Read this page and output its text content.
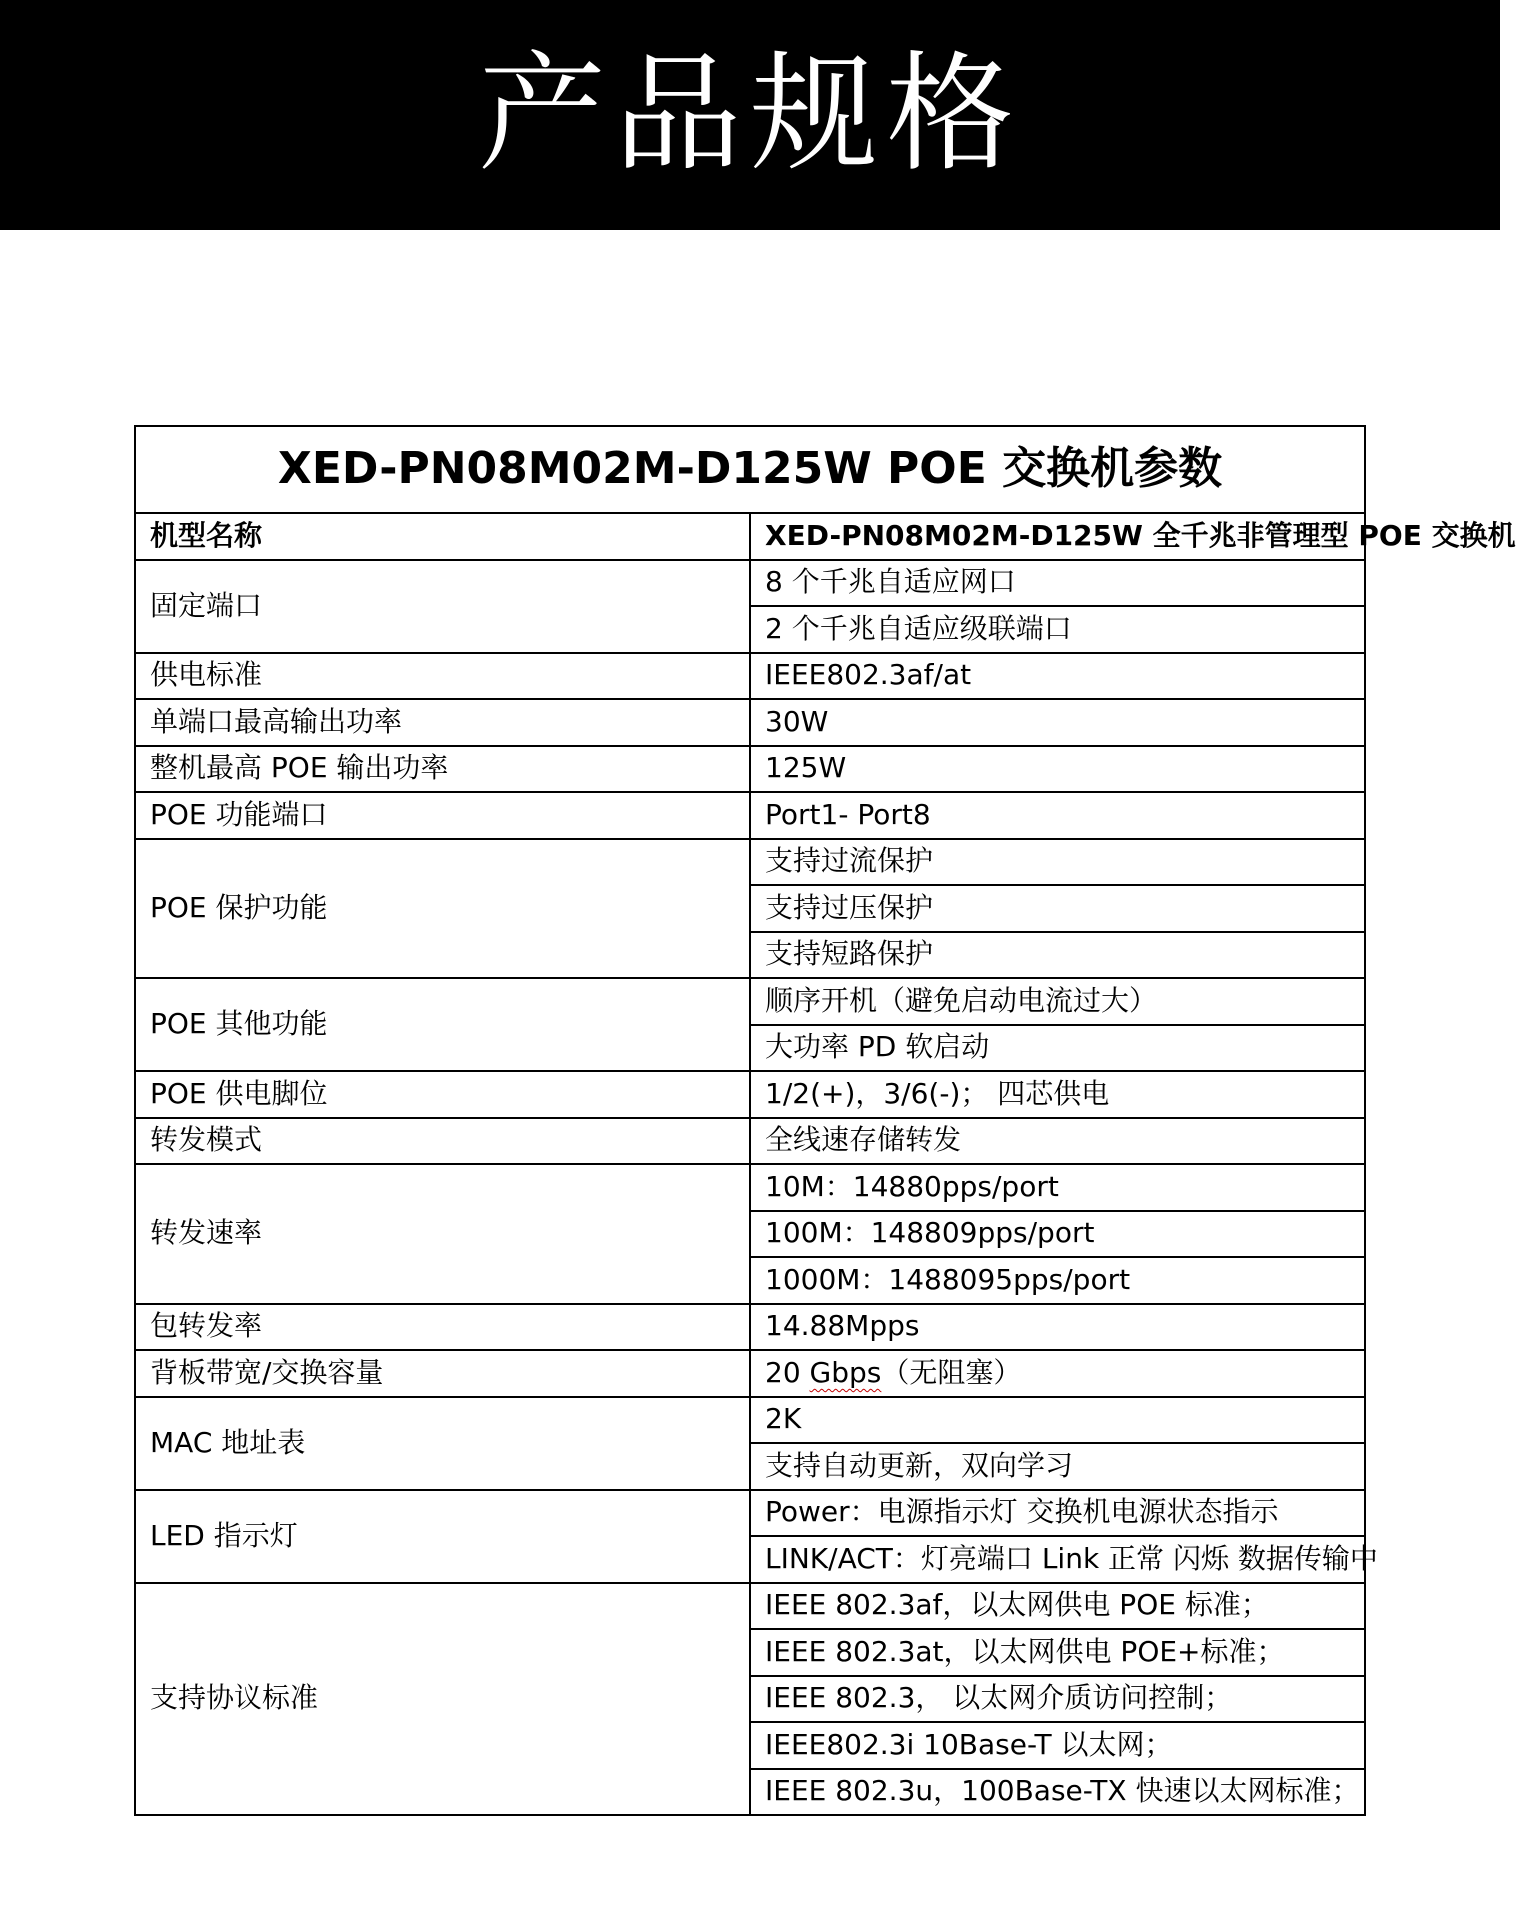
产品规格
XED-PN08M02M-D125W POE 交换机参数	
机型名称	XED-PN08M02M-D125W 全千兆非管理型 POE 交换机
固定端口	8 个千兆自适应网口
	2 个千兆自适应级联端口
供电标准	IEEE802.3af/at
单端口最高输出功率	30W
整机最高 POE 输出功率	125W
POE 功能端口	Port1- Port8
POE 保护功能	支持过流保护
	支持过压保护
	支持短路保护
POE 其他功能	顺序开机（避免启动电流过大）
	大功率 PD 软启动
POE 供电脚位	1/2(+)，3/6(-)； 四芯供电
转发模式	全线速存储转发
转发速率	10M：14880pps/port
	100M：148809pps/port
	1000M：1488095pps/port
包转发率	14.88Mpps
背板带宽/交换容量	20 Gbps（无阻塞）
MAC 地址表	2K
	支持自动更新，双向学习
LED 指示灯	Power：电源指示灯 交换机电源状态指示
	LINK/ACT：灯亮端口 Link 正常 闪烁 数据传输中
支持协议标准	IEEE 802.3af，以太网供电 POE 标准；
	IEEE 802.3at，以太网供电 POE+标准；
	IEEE 802.3， 以太网介质访问控制；
	IEEE802.3i 10Base-T 以太网；
	IEEE 802.3u，100Base-TX 快速以太网标准；
